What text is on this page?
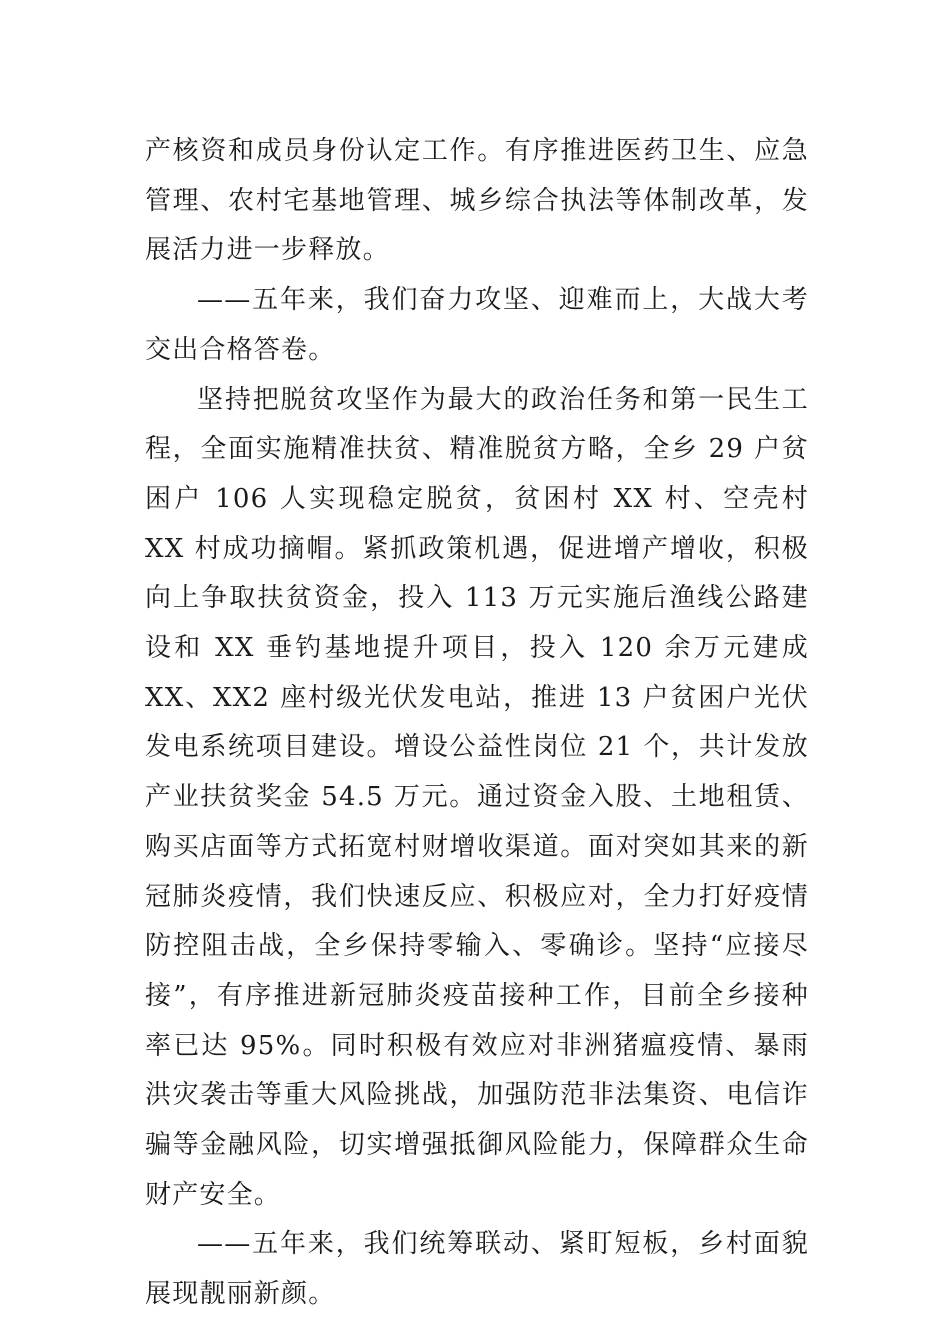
产核资和成员身份认定工作。有序推进医药卫生、应急管理、农村宅基地管理、城乡综合执法等体制改革，发展活力进一步释放。

——五年来，我们奋力攻坚、迎难而上，大战大考交出合格答卷。

坚持把脱贫攻坚作为最大的政治任务和第一民生工程，全面实施精准扶贫、精准脱贫方略，全乡 29 户贫困户 106 人实现稳定脱贫，贫困村 XX 村、空壳村 XX 村成功摘帽。紧抓政策机遇，促进增产增收，积极向上争取扶贫资金，投入 113 万元实施后渔线公路建设和 XX 垂钓基地提升项目，投入 120 余万元建成 XX、XX2 座村级光伏发电站，推进 13 户贫困户光伏发电系统项目建设。增设公益性岗位 21 个，共计发放产业扶贫奖金 54.5 万元。通过资金入股、土地租赁、购买店面等方式拓宽村财增收渠道。面对突如其来的新冠肺炎疫情，我们快速反应、积极应对，全力打好疫情防控阻击战，全乡保持零输入、零确诊。坚持“应接尽接”，有序推进新冠肺炎疫苗接种工作，目前全乡接种率已达 95%。同时积极有效应对非洲猪瘟疫情、暴雨洪灾袭击等重大风险挑战，加强防范非法集资、电信诈骗等金融风险，切实增强抵御风险能力，保障群众生命财产安全。

——五年来，我们统筹联动、紧盯短板，乡村面貌展现靓丽新颜。
